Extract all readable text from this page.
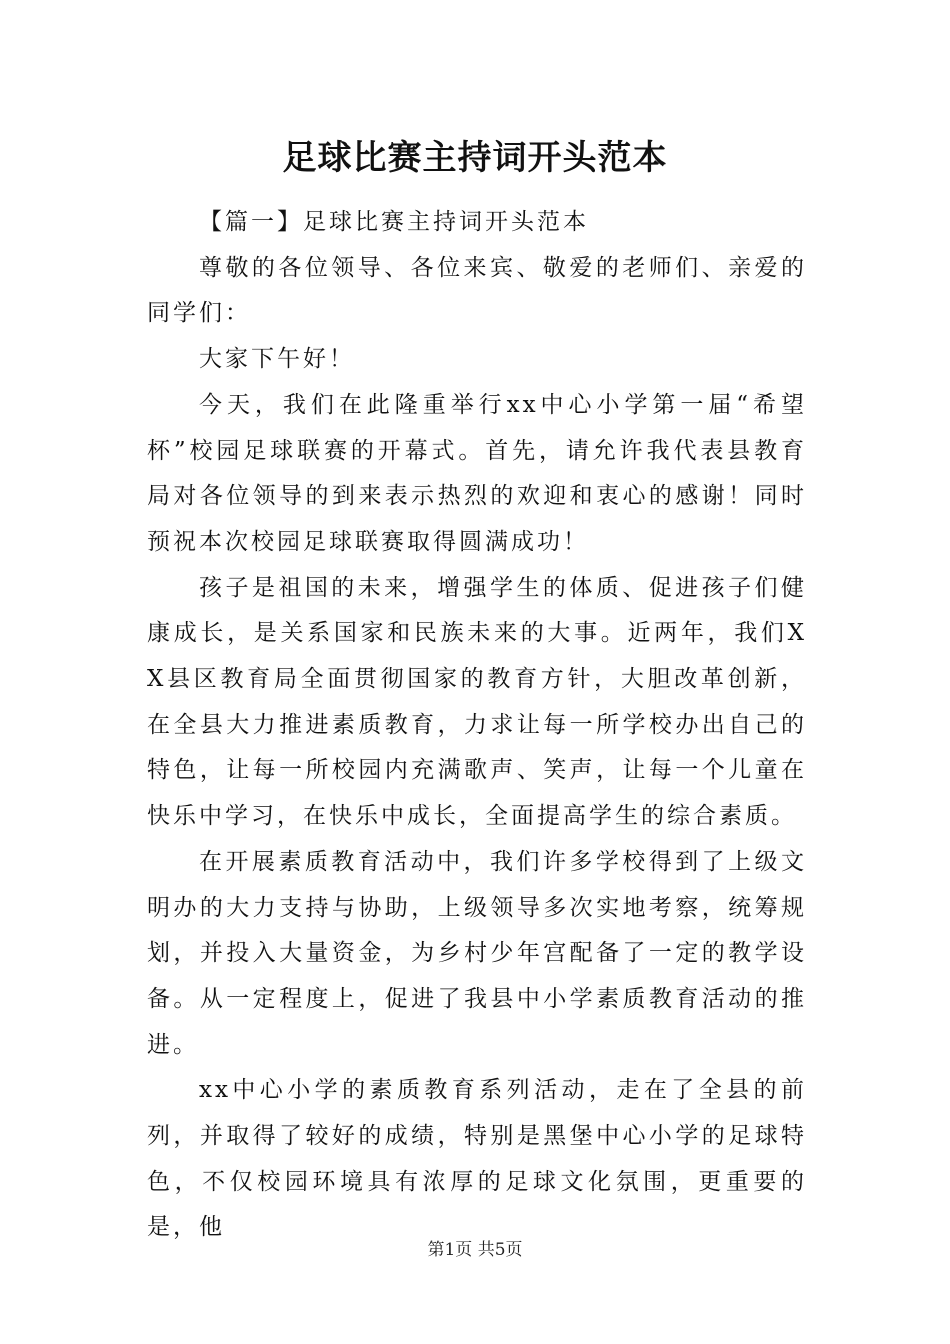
足球比赛主持词开头范本

【篇一】足球比赛主持词开头范本

尊敬的各位领导、各位来宾、敬爱的老师们、亲爱的同学们：

大家下午好！

今天，我们在此隆重举行xx中心小学第一届“希望杯”校园足球联赛的开幕式。首先，请允许我代表县教育局对各位领导的到来表示热烈的欢迎和衷心的感谢！同时预祝本次校园足球联赛取得圆满成功！

孩子是祖国的未来，增强学生的体质、促进孩子们健康成长，是关系国家和民族未来的大事。近两年，我们XX县区教育局全面贯彻国家的教育方针，大胆改革创新，在全县大力推进素质教育，力求让每一所学校办出自己的特色，让每一所校园内充满歌声、笑声，让每一个儿童在快乐中学习，在快乐中成长，全面提高学生的综合素质。

在开展素质教育活动中，我们许多学校得到了上级文明办的大力支持与协助，上级领导多次实地考察，统筹规划，并投入大量资金，为乡村少年宫配备了一定的教学设备。从一定程度上，促进了我县中小学素质教育活动的推进。

xx中心小学的素质教育系列活动，走在了全县的前列，并取得了较好的成绩，特别是黑堡中心小学的足球特色，不仅校园环境具有浓厚的足球文化氛围，更重要的是，他

第1页 共5页
